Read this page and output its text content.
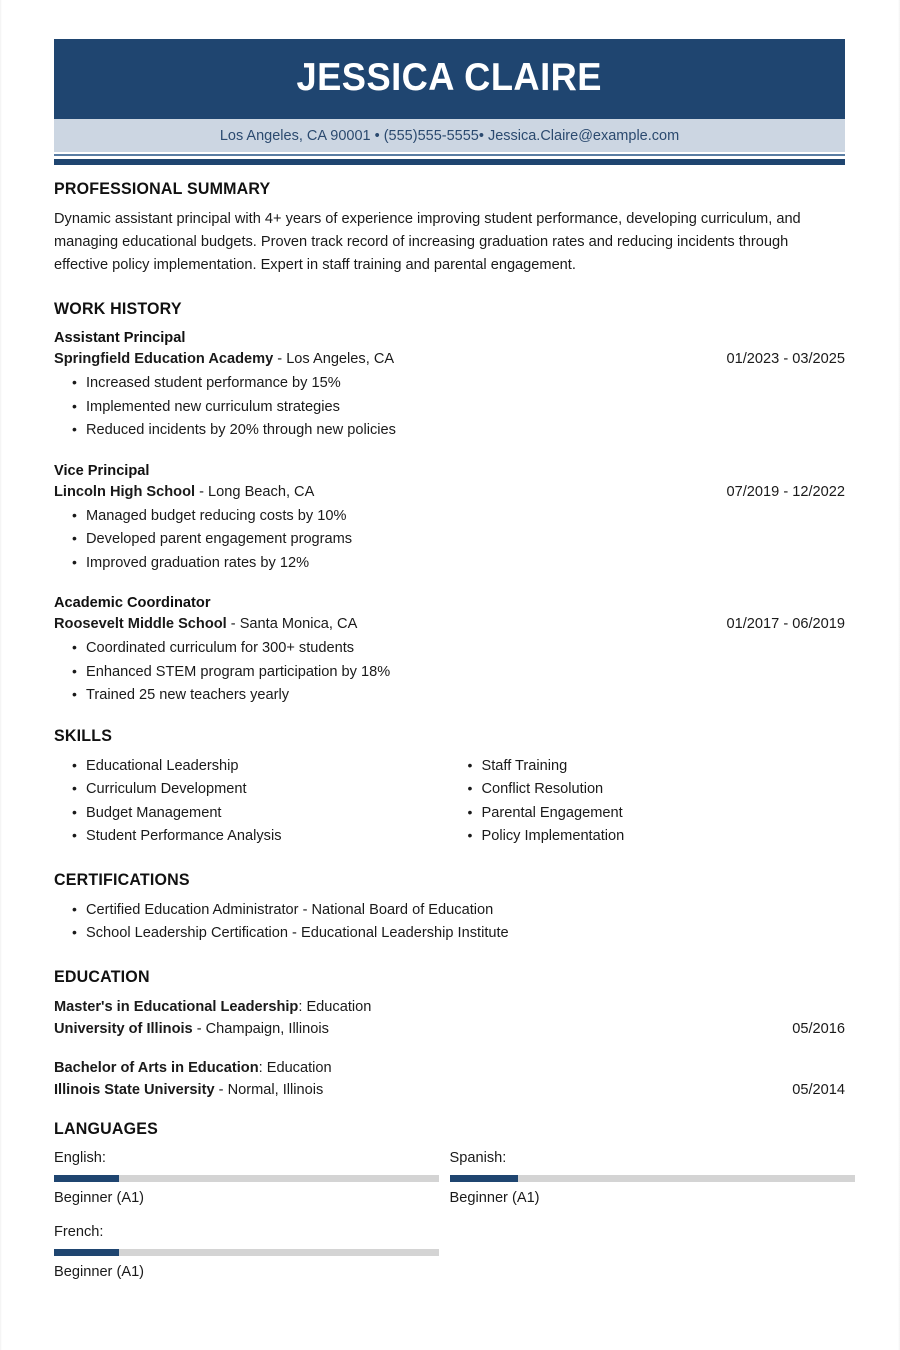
JESSICA CLAIRE
Los Angeles, CA 90001 • (555)555-5555• Jessica.Claire@example.com
PROFESSIONAL SUMMARY

Dynamic assistant principal with 4+ years of experience improving student performance, developing curriculum, and managing educational budgets. Proven track record of increasing graduation rates and reducing incidents through effective policy implementation. Expert in staff training and parental engagement.

WORK HISTORY
Assistant Principal
Springfield Education Academy - Los Angeles, CA	01/2023 - 03/2025
• Increased student performance by 15%
• Implemented new curriculum strategies
• Reduced incidents by 20% through new policies
Vice Principal
Lincoln High School - Long Beach, CA	07/2019 - 12/2022
• Managed budget reducing costs by 10%
• Developed parent engagement programs
• Improved graduation rates by 12%
Academic Coordinator
Roosevelt Middle School - Santa Monica, CA	01/2017 - 06/2019
• Coordinated curriculum for 300+ students
• Enhanced STEM program participation by 18%
• Trained 25 new teachers yearly
SKILLS
• Educational Leadership
• Curriculum Development
• Budget Management
• Student Performance Analysis
• Staff Training
• Conflict Resolution
• Parental Engagement
• Policy Implementation
CERTIFICATIONS
• Certified Education Administrator - National Board of Education
• School Leadership Certification - Educational Leadership Institute
EDUCATION
Master's in Educational Leadership: Education
University of Illinois - Champaign, Illinois	05/2016
Bachelor of Arts in Education: Education
Illinois State University - Normal, Illinois	05/2014
LANGUAGES
English:
Beginner (A1)
Spanish:
Beginner (A1)
French:
Beginner (A1)
